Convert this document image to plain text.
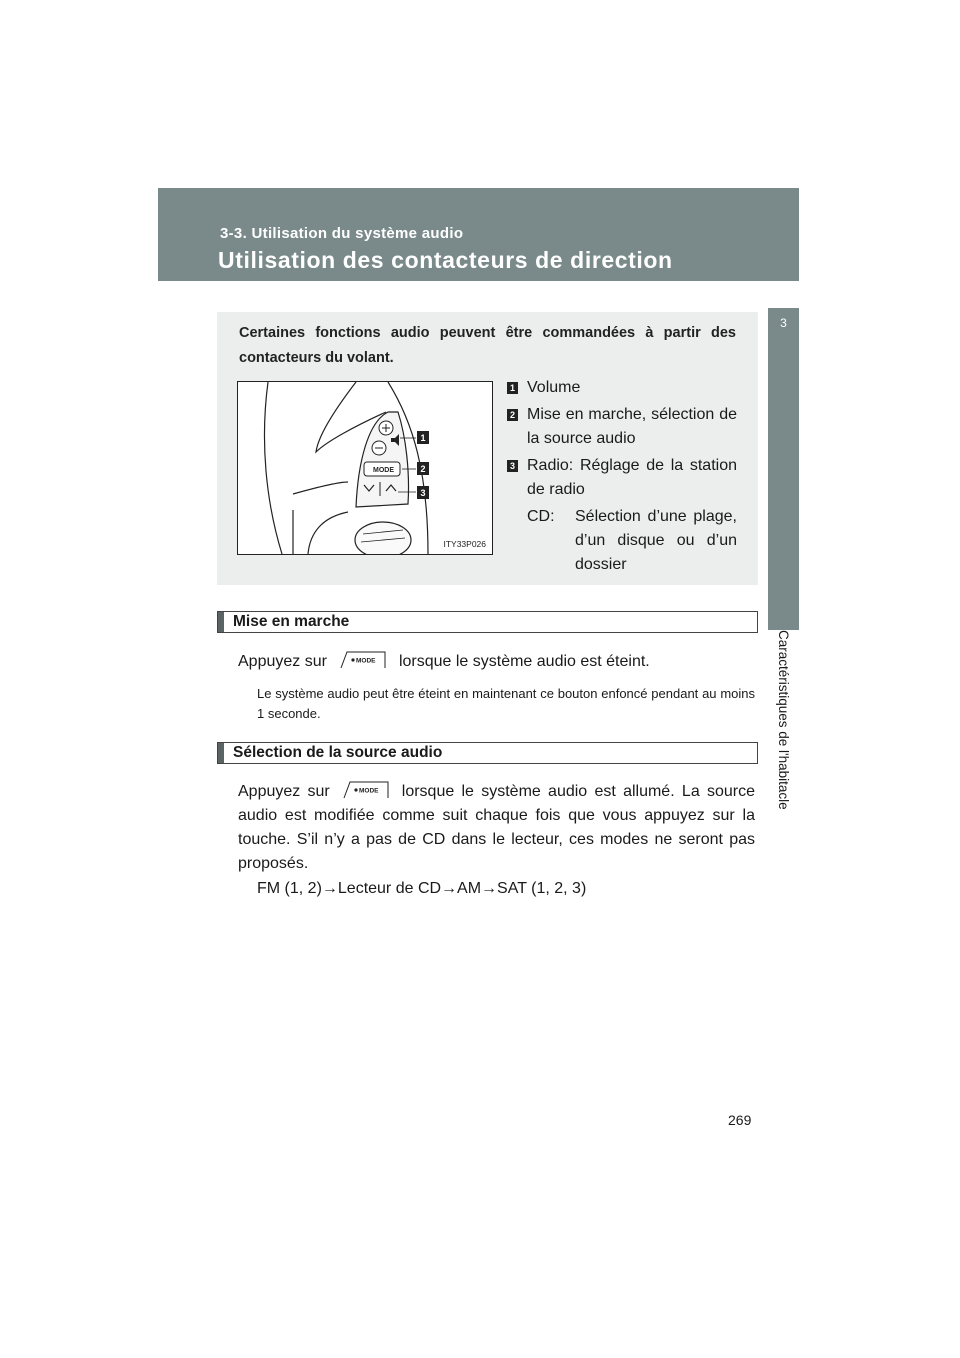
3-3. Utilisation du système audio
Utilisation des contacteurs de direction
3
Caractéristiques de l'habitacle
Certaines fonctions audio peuvent être commandées à partir des contacteurs du volant.
MODE
1
2
3
ITY33P026
1 Volume
2 Mise en marche, sélection de la source audio
3 Radio: Réglage de la station de radio
CD:	Sélection d’une plage, d’un disque ou d’un dossier
Mise en marche
Appuyez sur	MODE lorsque le système audio est éteint.
Le système audio peut être éteint en maintenant ce bouton enfoncé pendant au moins 1 seconde.
Sélection de la source audio
Appuyez sur	MODE lorsque le système audio est allumé. La source audio est modifiée comme suit chaque fois que vous appuyez sur la touche. S’il n’y a pas de CD dans le lecteur, ces modes ne seront pas proposés.
FM (1, 2)→Lecteur de CD→AM→SAT (1, 2, 3)
269
